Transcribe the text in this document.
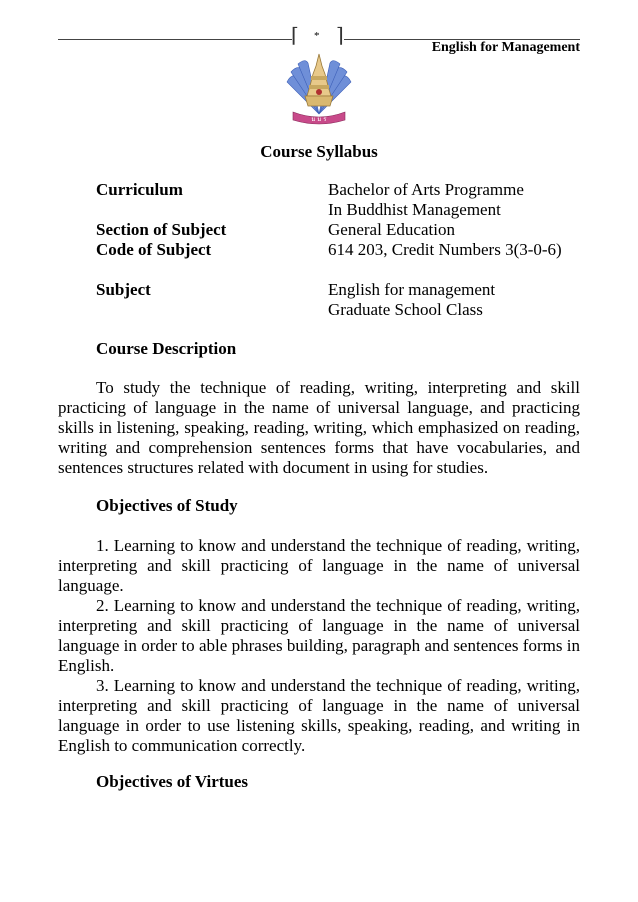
⌈ * ⌉
English for Management
ม ม ร
Course Syllabus
Curriculum	Bachelor of Arts Programme
In Buddhist Management
Section of Subject	General Education
Code of Subject	614 203, Credit Numbers 3(3-0-6)
Subject	English for management
Graduate School Class
Course Description
To study the technique of reading, writing, interpreting and skill practicing of language in the name of universal language, and practicing skills in listening, speaking, reading, writing, which emphasized on reading, writing and comprehension sentences forms that have vocabularies, and sentences structures related with document in using for studies.
Objectives of Study

1. Learning to know and understand the technique of reading, writing, interpreting and skill practicing of language in the name of universal language.

2. Learning to know and understand the technique of reading, writing, interpreting and skill practicing of language in the name of universal language in order to able phrases building, paragraph and sentences forms in English.

3. Learning to know and understand the technique of reading, writing, interpreting and skill practicing of language in the name of universal language in order to use listening skills, speaking, reading, and writing in English to communication correctly.

Objectives of Virtues
